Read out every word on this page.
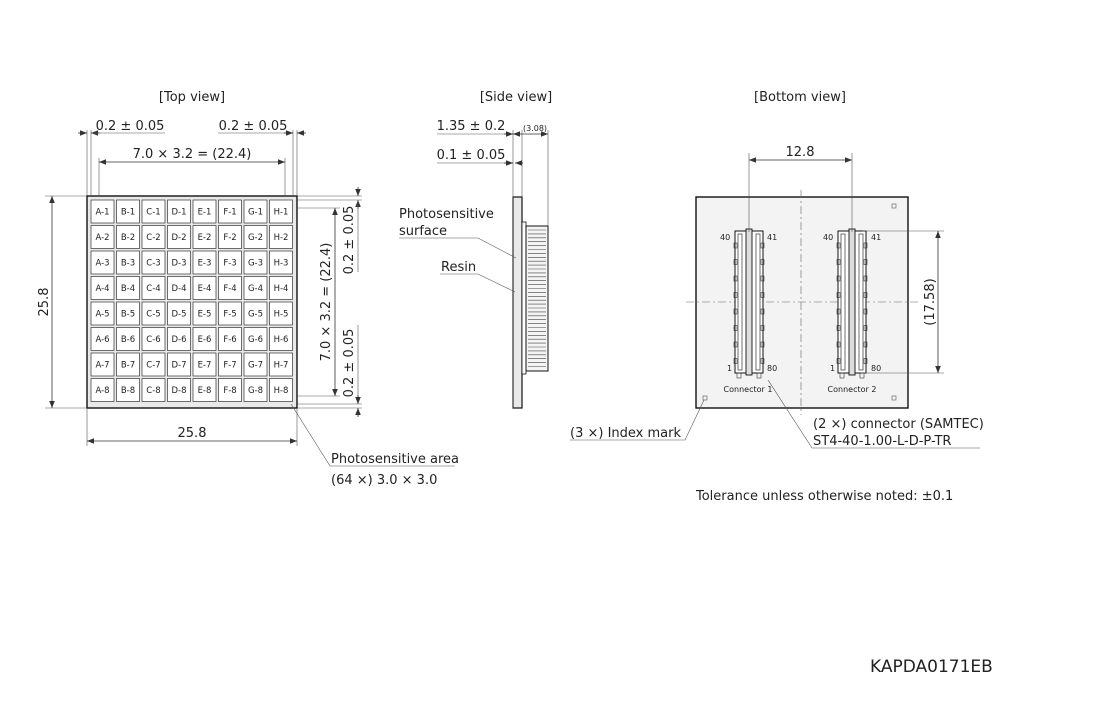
[Top view]
A-1 B-1 C-1 D-1 E-1 F-1 G-1 H-1
A-2 B-2 C-2 D-2 E-2 F-2 G-2 H-2
A-3 B-3 C-3 D-3 E-3 F-3 G-3 H-3
A-4 B-4 C-4 D-4 E-4 F-4 G-4 H-4
A-5 B-5 C-5 D-5 E-5 F-5 G-5 H-5
A-6 B-6 C-6 D-6 E-6 F-6 G-6 H-6
A-7 B-7 C-7 D-7 E-7 F-7 G-7 H-7
A-8 B-8 C-8 D-8 E-8 F-8 G-8 H-8
0.2 ± 0.05	0.2 ± 0.05
7.0 × 3.2 = (22.4)
25.8
25.8
0.2 ± 0.05
7.0 × 3.2 = (22.4)
0.2 ± 0.05
Photosensitive area
(64 ×) 3.0 × 3.0
[Side view]
1.35 ± 0.2 (3.08)
0.1 ± 0.05
Photosensitive
surface
Resin
[Bottom view]
40	41
1	80
Connector 1
40	41
1	80
Connector 2
12.8
(17.58)
(3 ×) Index mark
(2 ×) connector (SAMTEC)
ST4-40-1.00-L-D-P-TR
Tolerance unless otherwise noted: ±0.1
KAPDA0171EB
